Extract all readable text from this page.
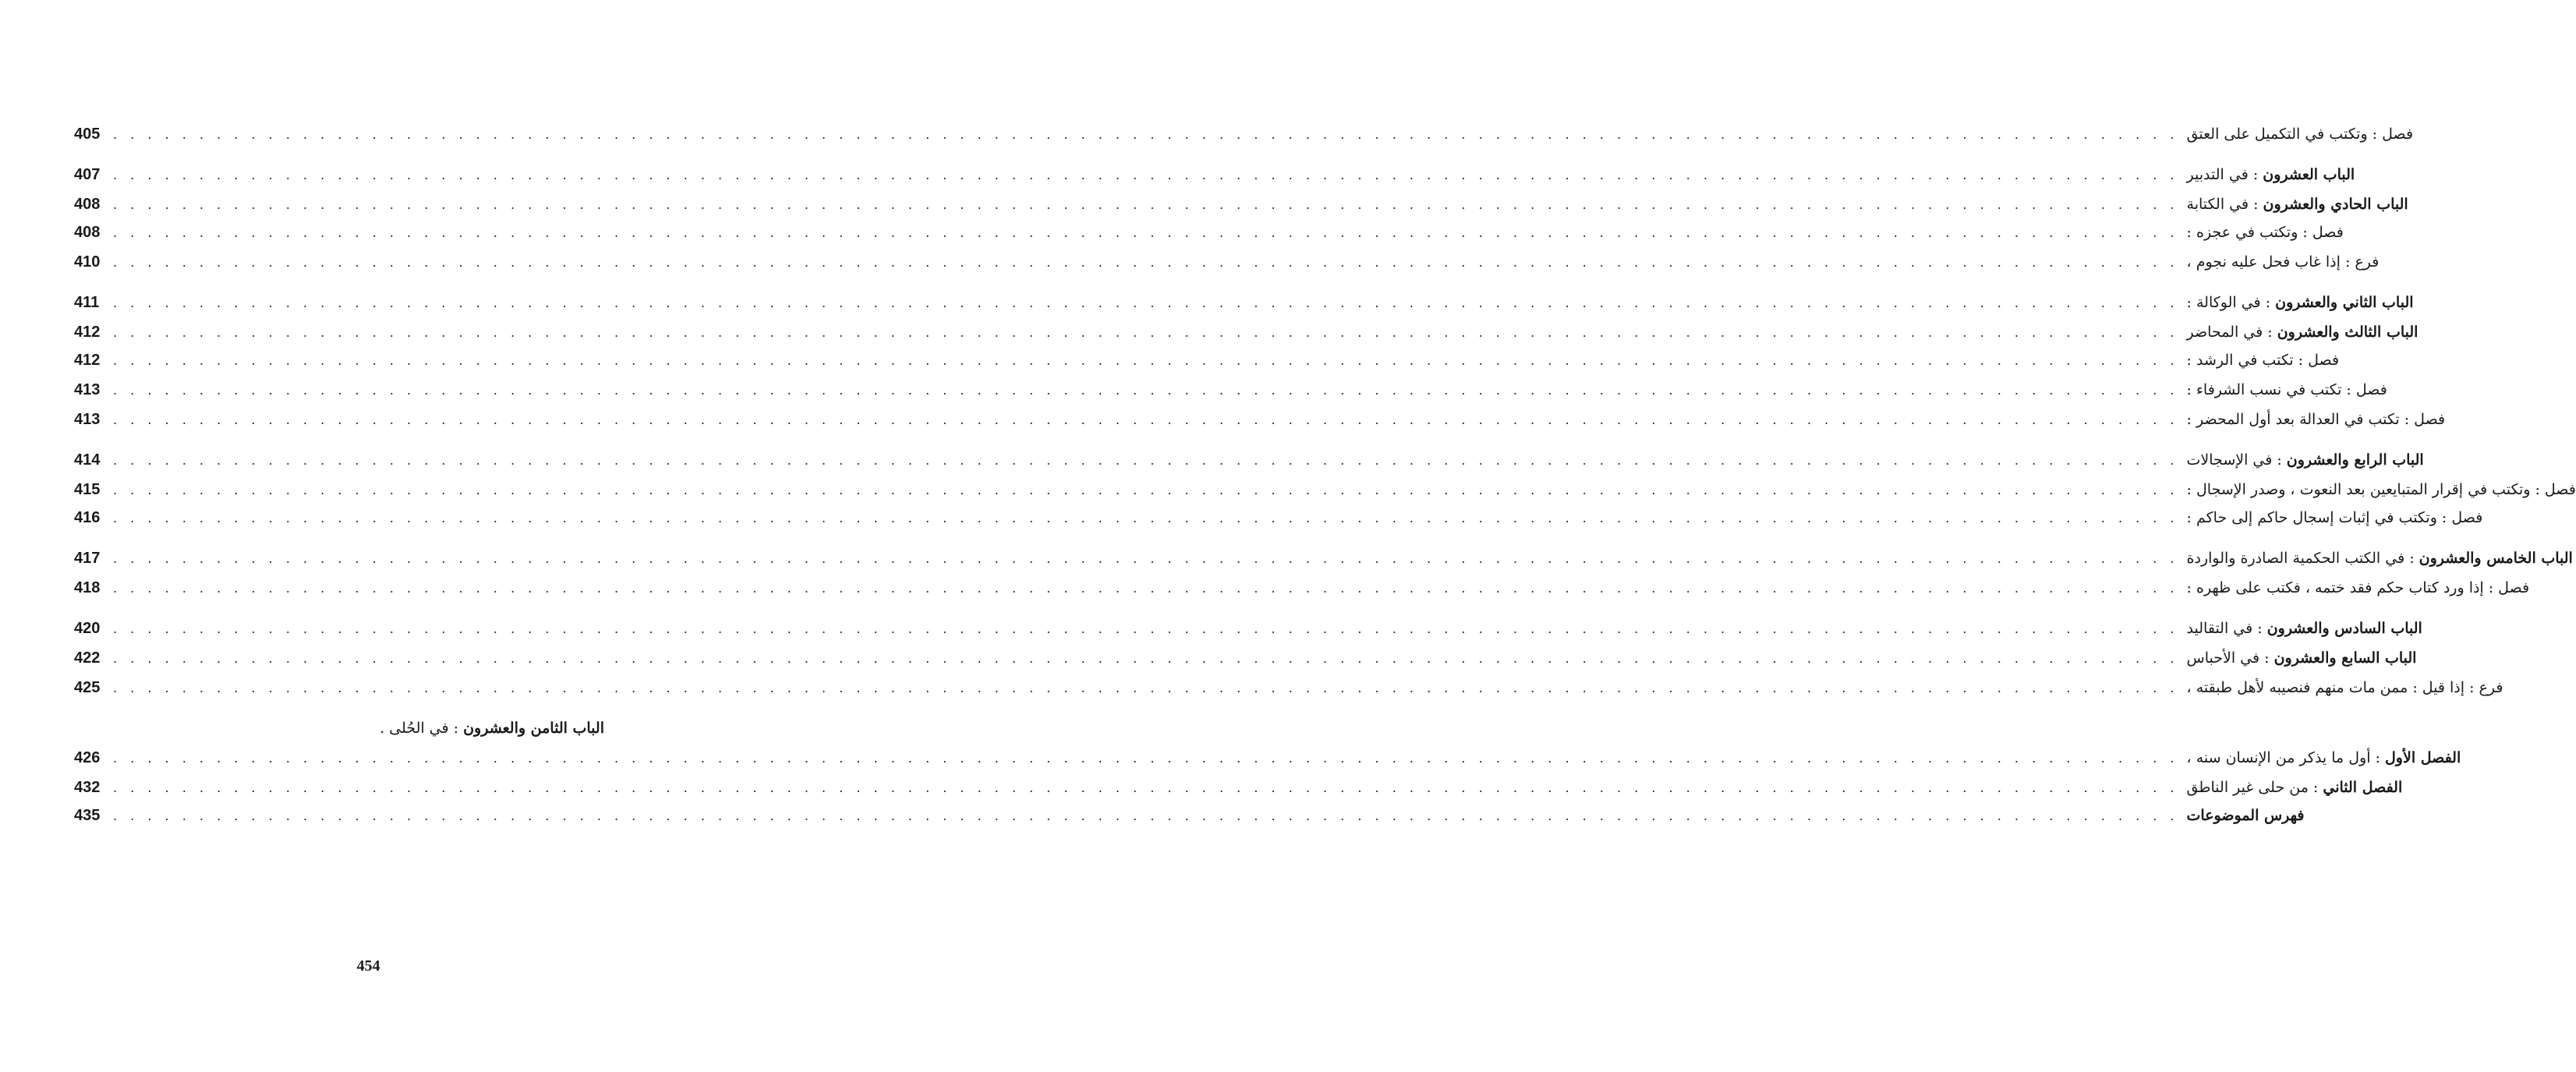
405	. . . . . . . . . . . . . . . . . . . . . . . . . . . . . . . . . . . . . . . . . . . . . . . . . . . . . . . . . . . . . . . . . . . . . . . . . . . . . . . . . . . . . . . . . . . . . . . . . . . . . . . . . . . . . . . . . . . . . . . . فصل : وتكتب في التكميل على العتق
407	. . . . . . . . . . . . . . . . . . . . . . . . . . . . . . . . . . . . . . . . . . . . . . . . . . . . . . . . . . . . . . . . . . . . . . . . . . . . . . . . . . . . . . . . . . . . . . . . . . . . . . . . . . . . . . . . . . . . . . . .	الباب العشرون : في التدبير
408	. . . . . . . . . . . . . . . . . . . . . . . . . . . . . . . . . . . . . . . . . . . . . . . . . . . . . . . . . . . . . . . . . . . . . . . . . . . . . . . . . . . . . . . . . . . . . . . . . . . . . . . . . . . . . . . . . . . . . . . .	الباب الحادي والعشرون : في الكتابة
408	. . . . . . . . . . . . . . . . . . . . . . . . . . . . . . . . . . . . . . . . . . . . . . . . . . . . . . . . . . . . . . . . . . . . . . . . . . . . . . . . . . . . . . . . . . . . . . . . . . . . . . . . . . . . . . . . . . . . . . . . فصل : وتكتب في عجزه :
410	. . . . . . . . . . . . . . . . . . . . . . . . . . . . . . . . . . . . . . . . . . . . . . . . . . . . . . . . . . . . . . . . . . . . . . . . . . . . . . . . . . . . . . . . . . . . . . . . . . . . . . . . . . . . . . . . . . . . . . . . فرع : إذا غاب فحل عليه نجوم ،
411	. . . . . . . . . . . . . . . . . . . . . . . . . . . . . . . . . . . . . . . . . . . . . . . . . . . . . . . . . . . . . . . . . . . . . . . . . . . . . . . . . . . . . . . . . . . . . . . . . . . . . . . . . . . . . . . . . . . . . . . .	الباب الثاني والعشرون : في الوكالة :
412	. . . . . . . . . . . . . . . . . . . . . . . . . . . . . . . . . . . . . . . . . . . . . . . . . . . . . . . . . . . . . . . . . . . . . . . . . . . . . . . . . . . . . . . . . . . . . . . . . . . . . . . . . . . . . . . . . . . . . . . .	الباب الثالث والعشرون : في المحاضر
412	. . . . . . . . . . . . . . . . . . . . . . . . . . . . . . . . . . . . . . . . . . . . . . . . . . . . . . . . . . . . . . . . . . . . . . . . . . . . . . . . . . . . . . . . . . . . . . . . . . . . . . . . . . . . . . . . . . . . . . . . فصل : تكتب في الرشد :
413	. . . . . . . . . . . . . . . . . . . . . . . . . . . . . . . . . . . . . . . . . . . . . . . . . . . . . . . . . . . . . . . . . . . . . . . . . . . . . . . . . . . . . . . . . . . . . . . . . . . . . . . . . . . . . . . . . . . . . . . . فصل : تكتب في نسب الشرفاء :
413	. . . . . . . . . . . . . . . . . . . . . . . . . . . . . . . . . . . . . . . . . . . . . . . . . . . . . . . . . . . . . . . . . . . . . . . . . . . . . . . . . . . . . . . . . . . . . . . . . . . . . . . . . . . . . . . . . . . . . . . . فصل : تكتب في العدالة بعد أول المحضر :
414	. . . . . . . . . . . . . . . . . . . . . . . . . . . . . . . . . . . . . . . . . . . . . . . . . . . . . . . . . . . . . . . . . . . . . . . . . . . . . . . . . . . . . . . . . . . . . . . . . . . . . . . . . . . . . . . . . . . . . . . .	الباب الرابع والعشرون : في الإسجالات
415	. . . . . . . . . . . . . . . . . . . . . . . . . . . . . . . . . . . . . . . . . . . . . . . . . . . . . . . . . . . . . . . . . . . . . . . . . . . . . . . . . . . . . . . . . . . . . . . . . . . . . . . . . . . . . . . . . . . . . . . . فصل : وتكتب في إقرار المتبايعين بعد النعوت ، وصدر الإسجال :
416	. . . . . . . . . . . . . . . . . . . . . . . . . . . . . . . . . . . . . . . . . . . . . . . . . . . . . . . . . . . . . . . . . . . . . . . . . . . . . . . . . . . . . . . . . . . . . . . . . . . . . . . . . . . . . . . . . . . . . . . . فصل : وتكتب في إثبات إسجال حاكم إلى حاكم :
417	. . . . . . . . . . . . . . . . . . . . . . . . . . . . . . . . . . . . . . . . . . . . . . . . . . . . . . . . . . . . . . . . . . . . . . . . . . . . . . . . . . . . . . . . . . . . . . . . . . . . . . . . . . . . . . . . . . . . . . . .	الباب الخامس والعشرون : في الكتب الحكمية الصادرة والواردة
418	. . . . . . . . . . . . . . . . . . . . . . . . . . . . . . . . . . . . . . . . . . . . . . . . . . . . . . . . . . . . . . . . . . . . . . . . . . . . . . . . . . . . . . . . . . . . . . . . . . . . . . . . . . . . . . . . . . . . . . . . فصل : إذا ورد كتاب حكم فقد ختمه ، فكتب على ظهره :
420	. . . . . . . . . . . . . . . . . . . . . . . . . . . . . . . . . . . . . . . . . . . . . . . . . . . . . . . . . . . . . . . . . . . . . . . . . . . . . . . . . . . . . . . . . . . . . . . . . . . . . . . . . . . . . . . . . . . . . . . .	الباب السادس والعشرون : في التقاليد
422	. . . . . . . . . . . . . . . . . . . . . . . . . . . . . . . . . . . . . . . . . . . . . . . . . . . . . . . . . . . . . . . . . . . . . . . . . . . . . . . . . . . . . . . . . . . . . . . . . . . . . . . . . . . . . . . . . . . . . . . .	الباب السابع والعشرون : في الأحباس
425	. . . . . . . . . . . . . . . . . . . . . . . . . . . . . . . . . . . . . . . . . . . . . . . . . . . . . . . . . . . . . . . . . . . . . . . . . . . . . . . . . . . . . . . . . . . . . . . . . . . . . . . . . . . . . . . . . . . . . . . . فرع : إذا قيل : ممن مات منهم فنصيبه لأهل طبقته ،
الباب الثامن والعشرون : في الحُلى .
426	. . . . . . . . . . . . . . . . . . . . . . . . . . . . . . . . . . . . . . . . . . . . . . . . . . . . . . . . . . . . . . . . . . . . . . . . . . . . . . . . . . . . . . . . . . . . . . . . . . . . . . . . . . . . . . . . . . . . . . . .	الفصل الأول : أول ما يذكر من الإنسان سنه ،
432	. . . . . . . . . . . . . . . . . . . . . . . . . . . . . . . . . . . . . . . . . . . . . . . . . . . . . . . . . . . . . . . . . . . . . . . . . . . . . . . . . . . . . . . . . . . . . . . . . . . . . . . . . . . . . . . . . . . . . . . .	الفصل الثاني : من حلى غير الناطق
435	. . . . . . . . . . . . . . . . . . . . . . . . . . . . . . . . . . . . . . . . . . . . . . . . . . . . . . . . . . . . . . . . . . . . . . . . . . . . . . . . . . . . . . . . . . . . . . . . . . . . . . . . . . . . . . . . . . . . . . . . فهرس الموضوعات
454
